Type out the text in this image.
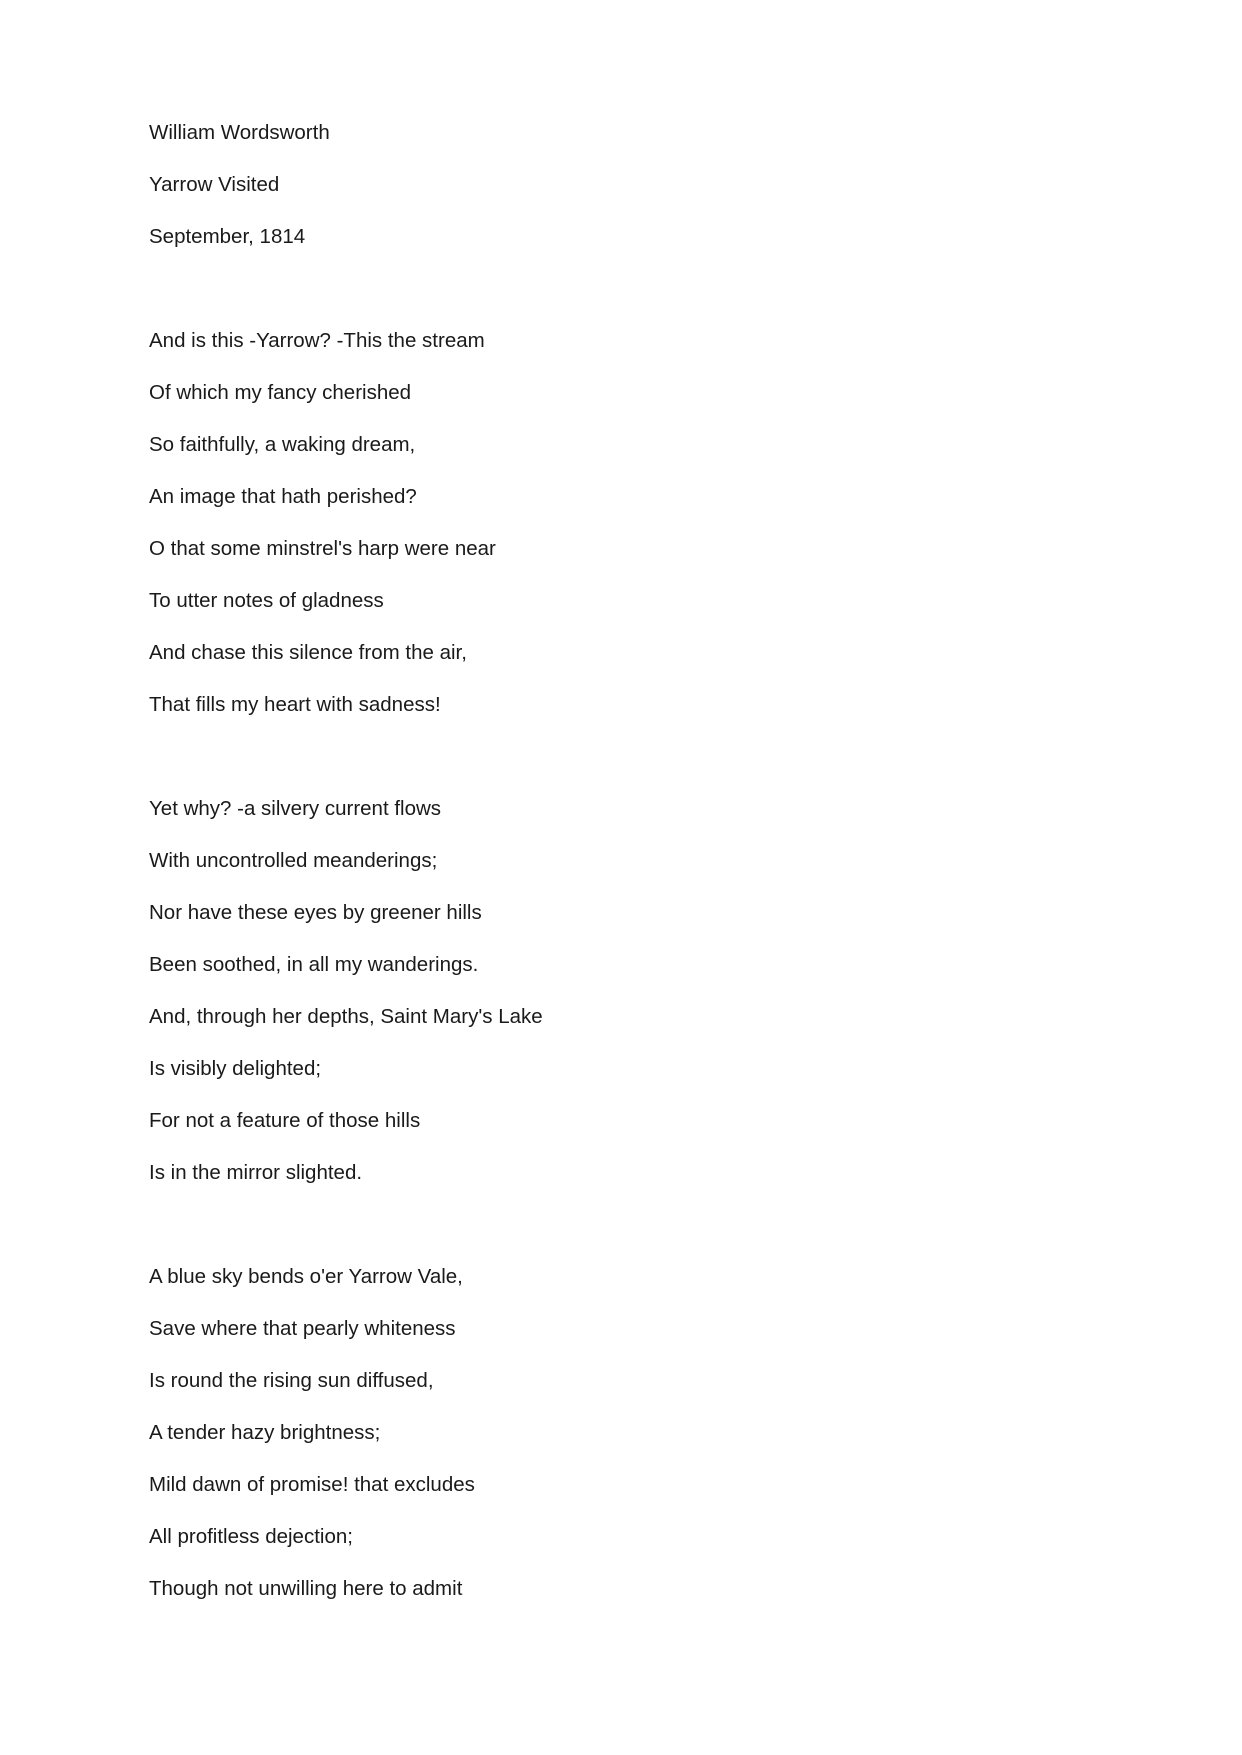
William Wordsworth
Yarrow Visited
September, 1814
And is this -Yarrow? -This the stream
Of which my fancy cherished
So faithfully, a waking dream,
An image that hath perished?
O that some minstrel's harp were near
To utter notes of gladness
And chase this silence from the air,
That fills my heart with sadness!
Yet why? -a silvery current flows
With uncontrolled meanderings;
Nor have these eyes by greener hills
Been soothed, in all my wanderings.
And, through her depths, Saint Mary's Lake
Is visibly delighted;
For not a feature of those hills
Is in the mirror slighted.
A blue sky bends o'er Yarrow Vale,
Save where that pearly whiteness
Is round the rising sun diffused,
A tender hazy brightness;
Mild dawn of promise! that excludes
All profitless dejection;
Though not unwilling here to admit
